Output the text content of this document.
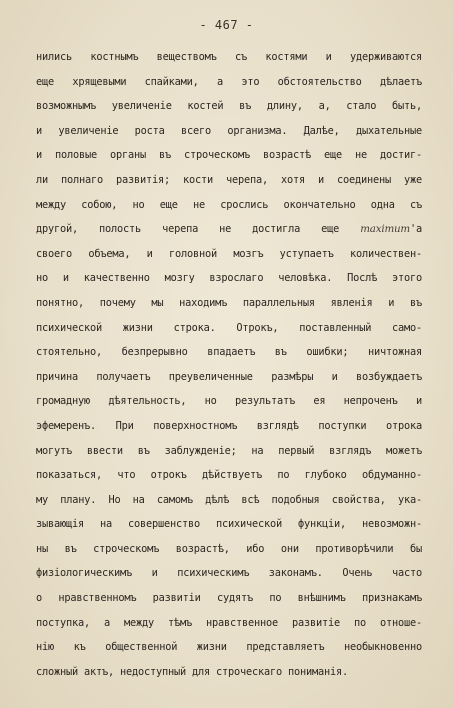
- 467 -
нились костнымъ веществомъ съ костями и удерживаются
еще хрящевыми спайками, а это обстоятельство дѣлаетъ
возможнымъ увеличеніе костей въ длину, а, стало быть,
и увеличеніе роста всего организма. Далѣе, дыхательные
и половые органы въ строческомъ возрастѣ еще не достиг-
ли полнаго развитія; кости черепа, хотя и соединены уже
между собою, но еще не срослись окончательно одна съ
другой, полость черепа не достигла еще maximum'а
своего объема, и головной мозгъ уступаетъ количествен-
но и качественно мозгу взрослаго человѣка. Послѣ этого
понятно, почему мы находимъ параллельныя явленія и въ
психической жизни строка. Отрокъ, поставленный само-
стоятельно, безпрерывно впадаетъ въ ошибки; ничтожная
причина получаетъ преувеличенные размѣры и возбуждаетъ
громадную дѣятельность, но результатъ ея непроченъ и
эфемеренъ. При поверхностномъ взглядѣ поступки отрока
могутъ ввести въ заблужденіе; на первый взглядъ можетъ
показаться, что отрокъ дѣйствуетъ по глубоко обдуманно-
му плану. Но на самомъ дѣлѣ всѣ подобныя свойства, ука-
зывающія на совершенство психической функціи, невозможн-
ны въ строческомъ возрастѣ, ибо они противорѣчили бы
физіологическимъ и психическимъ законамъ. Очень часто
о нравственномъ развитіи судятъ по внѣшнимъ признакамъ
поступка, а между тѣмъ нравственное развитіе по отноше-
нію къ общественной жизни представляетъ необыкновенно
сложный актъ, недоступный для строческаго пониманія.
